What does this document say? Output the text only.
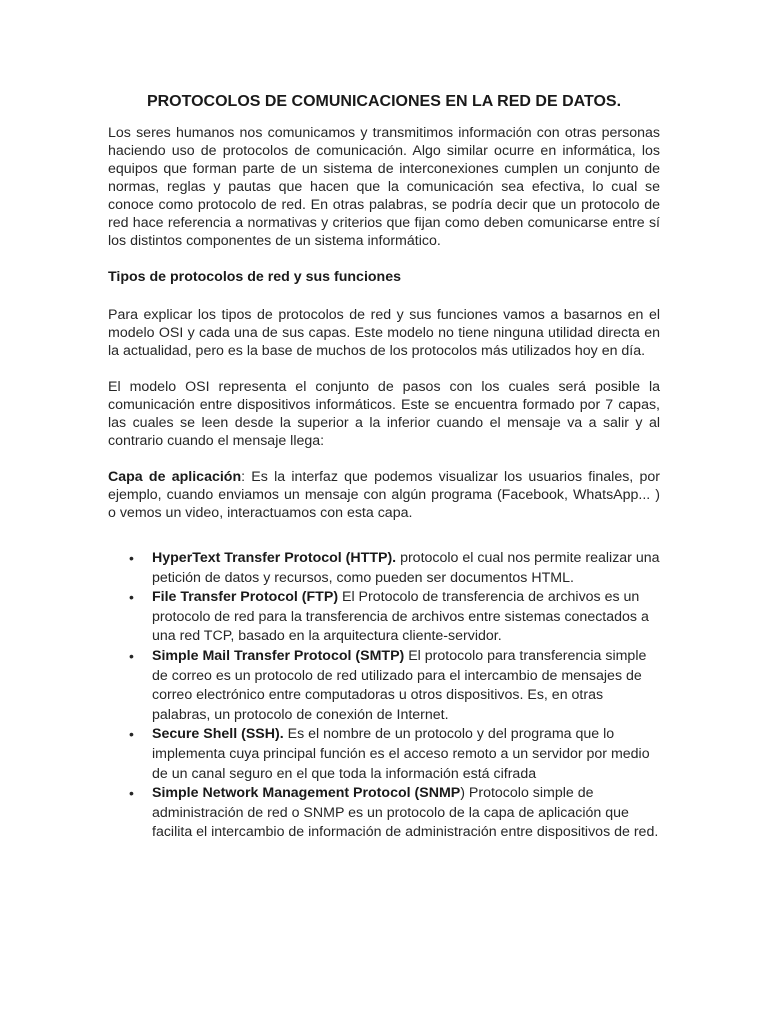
PROTOCOLOS DE COMUNICACIONES EN LA RED DE DATOS.

Los seres humanos nos comunicamos y transmitimos información con otras personas haciendo uso de protocolos de comunicación. Algo similar ocurre en informática, los equipos que forman parte de un sistema de interconexiones cumplen un conjunto de normas, reglas y pautas que hacen que la comunicación sea efectiva, lo cual se conoce como protocolo de red. En otras palabras, se podría decir que un protocolo de red hace referencia a normativas y criterios que fijan como deben comunicarse entre sí los distintos componentes de un sistema informático.

Tipos de protocolos de red y sus funciones

Para explicar los tipos de protocolos de red y sus funciones vamos a basarnos en el modelo OSI y cada una de sus capas. Este modelo no tiene ninguna utilidad directa en la actualidad, pero es la base de muchos de los protocolos más utilizados hoy en día.

El modelo OSI representa el conjunto de pasos con los cuales será posible la comunicación entre dispositivos informáticos. Este se encuentra formado por 7 capas, las cuales se leen desde la superior a la inferior cuando el mensaje va a salir y al contrario cuando el mensaje llega:

Capa de aplicación: Es la interfaz que podemos visualizar los usuarios finales, por ejemplo, cuando enviamos un mensaje con algún programa (Facebook, WhatsApp... ) o vemos un video, interactuamos con esta capa.

• HyperText Transfer Protocol (HTTP). protocolo el cual nos permite realizar una petición de datos y recursos, como pueden ser documentos HTML.
• File Transfer Protocol (FTP) El Protocolo de transferencia de archivos es un protocolo de red para la transferencia de archivos entre sistemas conectados a una red TCP, basado en la arquitectura cliente-servidor.
• Simple Mail Transfer Protocol (SMTP) El protocolo para transferencia simple de correo es un protocolo de red utilizado para el intercambio de mensajes de correo electrónico entre computadoras u otros dispositivos. Es, en otras palabras, un protocolo de conexión de Internet.
• Secure Shell (SSH). Es el nombre de un protocolo y del programa que lo implementa cuya principal función es el acceso remoto a un servidor por medio de un canal seguro en el que toda la información está cifrada
• Simple Network Management Protocol (SNMP) Protocolo simple de administración de red o SNMP es un protocolo de la capa de aplicación que facilita el intercambio de información de administración entre dispositivos de red.
